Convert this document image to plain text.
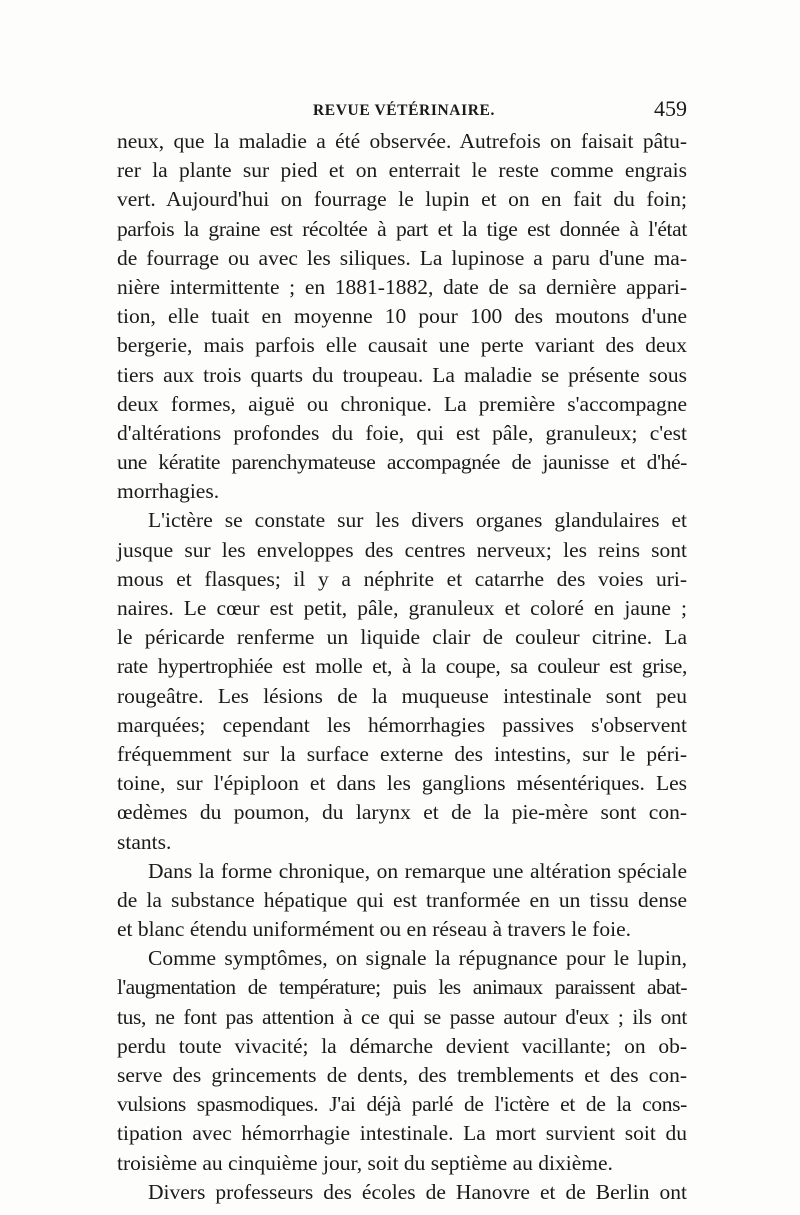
REVUE VÉTÉRINAIRE.	459
neux, que la maladie a été observée. Autrefois on faisait pâtu-
rer la plante sur pied et on enterrait le reste comme engrais
vert. Aujourd'hui on fourrage le lupin et on en fait du foin;
parfois la graine est récoltée à part et la tige est donnée à l'état
de fourrage ou avec les siliques. La lupinose a paru d'une ma-
nière intermittente ; en 1881-1882, date de sa dernière appari-
tion, elle tuait en moyenne 10 pour 100 des moutons d'une
bergerie, mais parfois elle causait une perte variant des deux
tiers aux trois quarts du troupeau. La maladie se présente sous
deux formes, aiguë ou chronique. La première s'accompagne
d'altérations profondes du foie, qui est pâle, granuleux; c'est
une kératite parenchymateuse accompagnée de jaunisse et d'hé-
morrhagies.
L'ictère se constate sur les divers organes glandulaires et
jusque sur les enveloppes des centres nerveux; les reins sont
mous et flasques; il y a néphrite et catarrhe des voies uri-
naires. Le cœur est petit, pâle, granuleux et coloré en jaune ;
le péricarde renferme un liquide clair de couleur citrine. La
rate hypertrophiée est molle et, à la coupe, sa couleur est grise,
rougeâtre. Les lésions de la muqueuse intestinale sont peu
marquées; cependant les hémorrhagies passives s'observent
fréquemment sur la surface externe des intestins, sur le péri-
toine, sur l'épiploon et dans les ganglions mésentériques. Les
œdèmes du poumon, du larynx et de la pie-mère sont con-
stants.
Dans la forme chronique, on remarque une altération spéciale
de la substance hépatique qui est tranformée en un tissu dense
et blanc étendu uniformément ou en réseau à travers le foie.
Comme symptômes, on signale la répugnance pour le lupin,
l'augmentation de température; puis les animaux paraissent abat-
tus, ne font pas attention à ce qui se passe autour d'eux ; ils ont
perdu toute vivacité; la démarche devient vacillante; on ob-
serve des grincements de dents, des tremblements et des con-
vulsions spasmodiques. J'ai déjà parlé de l'ictère et de la cons-
tipation avec hémorrhagie intestinale. La mort survient soit du
troisième au cinquième jour, soit du septième au dixième.
Divers professeurs des écoles de Hanovre et de Berlin ont
